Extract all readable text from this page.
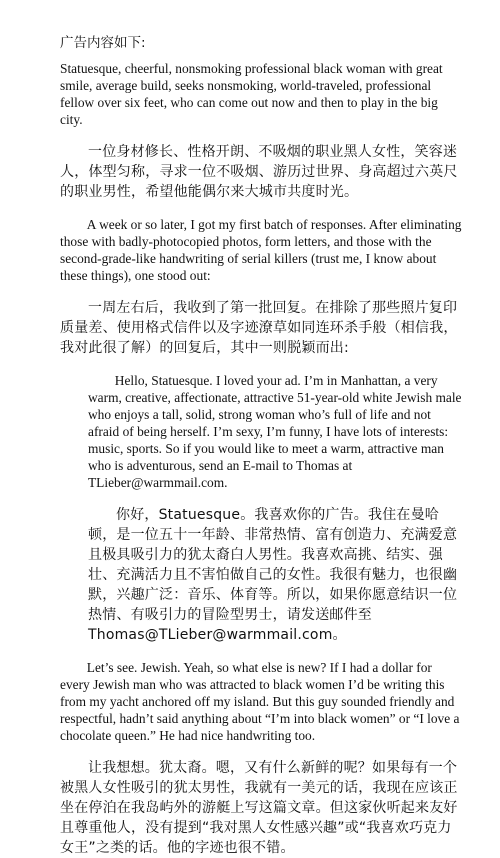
广告内容如下:

Statuesque, cheerful, nonsmoking professional black woman with great smile, average build, seeks nonsmoking, world-traveled, professional fellow over six feet, who can come out now and then to play in the big city.

一位身材修长、性格开朗、不吸烟的职业黑人女性，笑容迷人，体型匀称，寻求一位不吸烟、游历过世界、身高超过六英尺的职业男性，希望他能偶尔来大城市共度时光。

A week or so later, I got my first batch of responses. After eliminating those with badly-photocopied photos, form letters, and those with the second-grade-like handwriting of serial killers (trust me, I know about these things), one stood out:

一周左右后，我收到了第一批回复。在排除了那些照片复印质量差、使用格式信件以及字迹潦草如同连环杀手般（相信我，我对此很了解）的回复后，其中一则脱颖而出:

Hello, Statuesque. I loved your ad. I’m in Manhattan, a very warm, creative, affectionate, attractive 51-year-old white Jewish male who enjoys a tall, solid, strong woman who’s full of life and not afraid of being herself. I’m sexy, I’m funny, I have lots of interests: music, sports. So if you would like to meet a warm, attractive man who is adventurous, send an E-mail to Thomas at TLieber@warmmail.com.

你好，Statuesque。我喜欢你的广告。我住在曼哈顿，是一位五十一年龄、非常热情、富有创造力、充满爱意且极具吸引力的犹太裔白人男性。我喜欢高挑、结实、强壮、充满活力且不害怕做自己的女性。我很有魅力，也很幽默，兴趣广泛：音乐、体育等。所以，如果你愿意结识一位热情、有吸引力的冒险型男士，请发送邮件至Thomas@TLieber@warmmail.com。

Let’s see. Jewish. Yeah, so what else is new? If I had a dollar for every Jewish man who was attracted to black women I’d be writing this from my yacht anchored off my island. But this guy sounded friendly and respectful, hadn’t said anything about “I’m into black women” or “I love a chocolate queen.” He had nice handwriting too.

让我想想。犹太裔。嗯，又有什么新鲜的呢？如果每有一个被黑人女性吸引的犹太男性，我就有一美元的话，我现在应该正坐在停泊在我岛屿外的游艇上写这篇文章。但这家伙听起来友好且尊重他人，没有提到“我对黑人女性感兴趣”或“我喜欢巧克力女王”之类的话。他的字迹也很不错。
